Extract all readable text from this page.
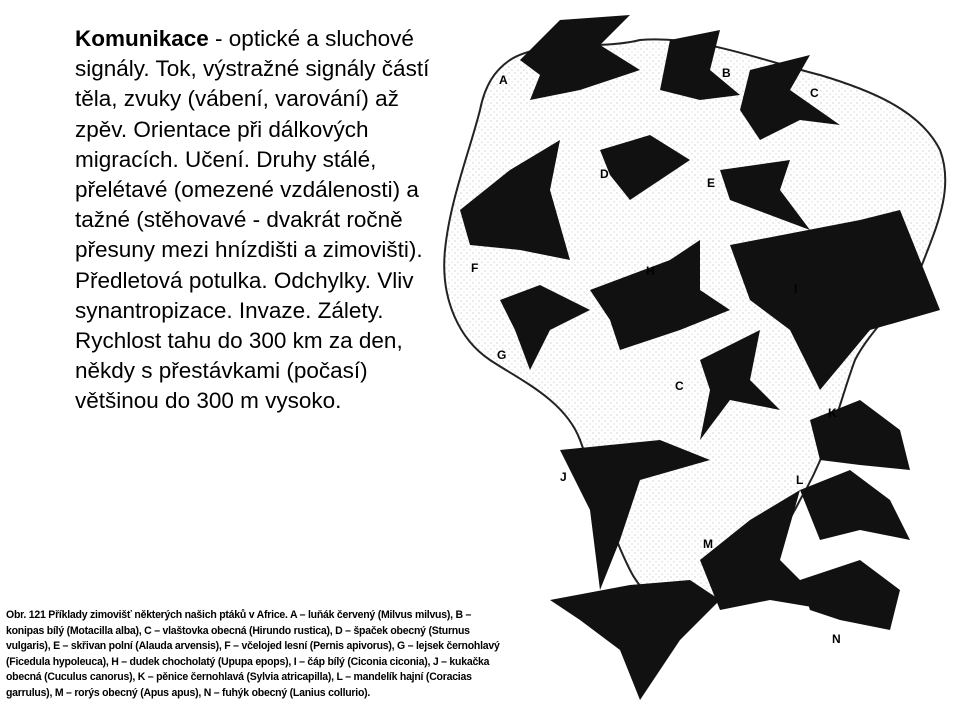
Komunikace - optické a sluchové signály. Tok, výstražné signály částí těla, zvuky (vábení, varování) až zpěv. Orientace při dálkových migracích. Učení. Druhy stálé, přelétavé (omezené vzdálenosti) a tažné (stěhovavé - dvakrát ročně přesuny mezi hnízdišti a zimovišti). Předletová potulka. Odchylky. Vliv synantropizace. Invaze. Zálety. Rychlost tahu do 300 km za den, někdy s přestávkami (počasí) většinou do 300 m vysoko.
A	B
C
D
E
F	H
I
G
C
K
J	L
M
N
Obr. 121 Příklady zimovišť některých našich ptáků v Africe. A – luňák červený (Milvus milvus), B – konipas bílý (Motacilla alba), C – vlaštovka obecná (Hirundo rustica), D – špaček obecný (Sturnus vulgaris), E – skřivan polní (Alauda arvensis), F – včelojed lesní (Pernis apivorus), G – lejsek černohlavý (Ficedula hypoleuca), H – dudek chocholatý (Upupa epops), I – čáp bílý (Ciconia ciconia), J – kukačka obecná (Cuculus canorus), K – pěnice černohlavá (Sylvia atricapilla), L – mandelík hajní (Coracias garrulus), M – rorýs obecný (Apus apus), N – fuhýk obecný (Lanius collurio).
